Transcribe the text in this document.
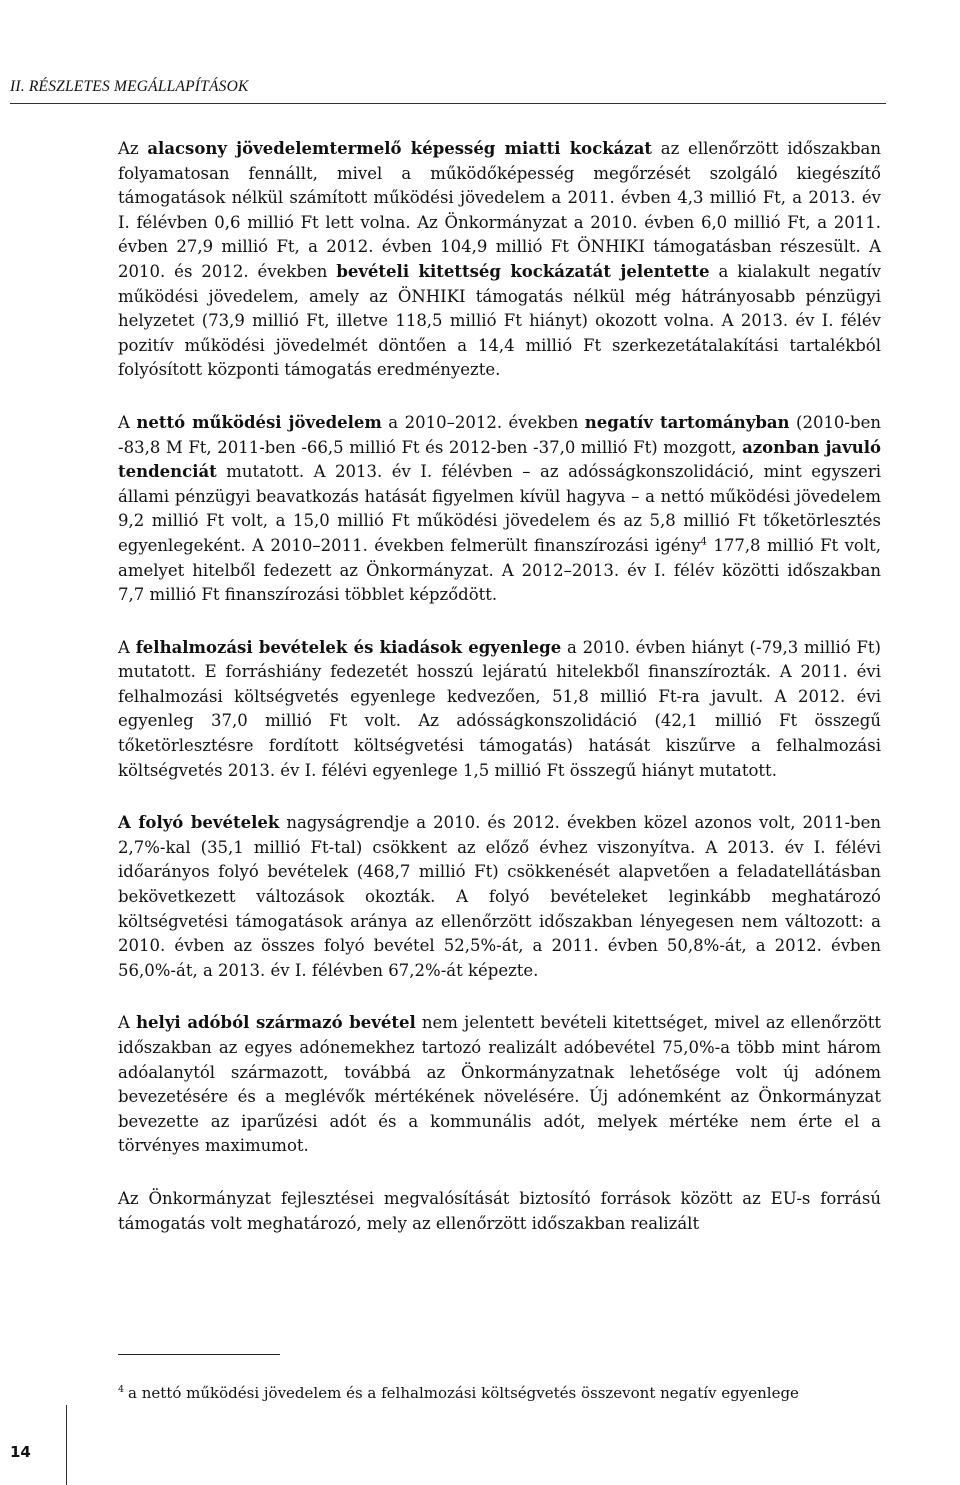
II. RÉSZLETES MEGÁLLAPÍTÁSOK

Az alacsony jövedelemtermelő képesség miatti kockázat az ellenőrzött időszakban folyamatosan fennállt, mivel a működőképesség megőrzését szolgáló kiegészítő támogatások nélkül számított működési jövedelem a 2011. évben 4,3 millió Ft, a 2013. év I. félévben 0,6 millió Ft lett volna. Az Önkormányzat a 2010. évben 6,0 millió Ft, a 2011. évben 27,9 millió Ft, a 2012. évben 104,9 millió Ft ÖNHIKI támogatásban részesült. A 2010. és 2012. években bevételi kitettség kockázatát jelentette a kialakult negatív működési jövedelem, amely az ÖNHIKI támogatás nélkül még hátrányosabb pénzügyi helyzetet (73,9 millió Ft, illetve 118,5 millió Ft hiányt) okozott volna. A 2013. év I. félév pozitív működési jövedelmét döntően a 14,4 millió Ft szerkezetátalakítási tartalékból folyósított központi támogatás eredményezte.

A nettó működési jövedelem a 2010–2012. években negatív tartományban (2010-ben -83,8 M Ft, 2011-ben -66,5 millió Ft és 2012-ben -37,0 millió Ft) mozgott, azonban javuló tendenciát mutatott. A 2013. év I. félévben – az adósságkonszolidáció, mint egyszeri állami pénzügyi beavatkozás hatását figyelmen kívül hagyva – a nettó működési jövedelem 9,2 millió Ft volt, a 15,0 millió Ft működési jövedelem és az 5,8 millió Ft tőketörlesztés egyenlegeként. A 2010–2011. években felmerült finanszírozási igény$^4$ 177,8 millió Ft volt, amelyet hitelből fedezett az Önkormányzat. A 2012–2013. év I. félév közötti időszakban 7,7 millió Ft finanszírozási többlet képződött.

A felhalmozási bevételek és kiadások egyenlege a 2010. évben hiányt (-79,3 millió Ft) mutatott. E forráshiány fedezetét hosszú lejáratú hitelekből finanszírozták. A 2011. évi felhalmozási költségvetés egyenlege kedvezően, 51,8 millió Ft-ra javult. A 2012. évi egyenleg 37,0 millió Ft volt. Az adósságkonszolidáció (42,1 millió Ft összegű tőketörlesztésre fordított költségvetési támogatás) hatását kiszűrve a felhalmozási költségvetés 2013. év I. félévi egyenlege 1,5 millió Ft összegű hiányt mutatott.

A folyó bevételek nagyságrendje a 2010. és 2012. években közel azonos volt, 2011-ben 2,7%-kal (35,1 millió Ft-tal) csökkent az előző évhez viszonyítva. A 2013. év I. félévi időarányos folyó bevételek (468,7 millió Ft) csökkenését alapvetően a feladatellátásban bekövetkezett változások okozták. A folyó bevételeket leginkább meghatározó költségvetési támogatások aránya az ellenőrzött időszakban lényegesen nem változott: a 2010. évben az összes folyó bevétel 52,5%-át, a 2011. évben 50,8%-át, a 2012. évben 56,0%-át, a 2013. év I. félévben 67,2%-át képezte.

A helyi adóból származó bevétel nem jelentett bevételi kitettséget, mivel az ellenőrzött időszakban az egyes adónemekhez tartozó realizált adóbevétel 75,0%-a több mint három adóalanytól származott, továbbá az Önkormányzatnak lehetősége volt új adónem bevezetésére és a meglévők mértékének növelésére. Új adónemként az Önkormányzat bevezette az iparűzési adót és a kommunális adót, melyek mértéke nem érte el a törvényes maximumot.

Az Önkormányzat fejlesztései megvalósítását biztosító források között az EU-s forrású támogatás volt meghatározó, mely az ellenőrzött időszakban realizált

$^4$ a nettó működési jövedelem és a felhalmozási költségvetés összevont negatív egyenlege
14
